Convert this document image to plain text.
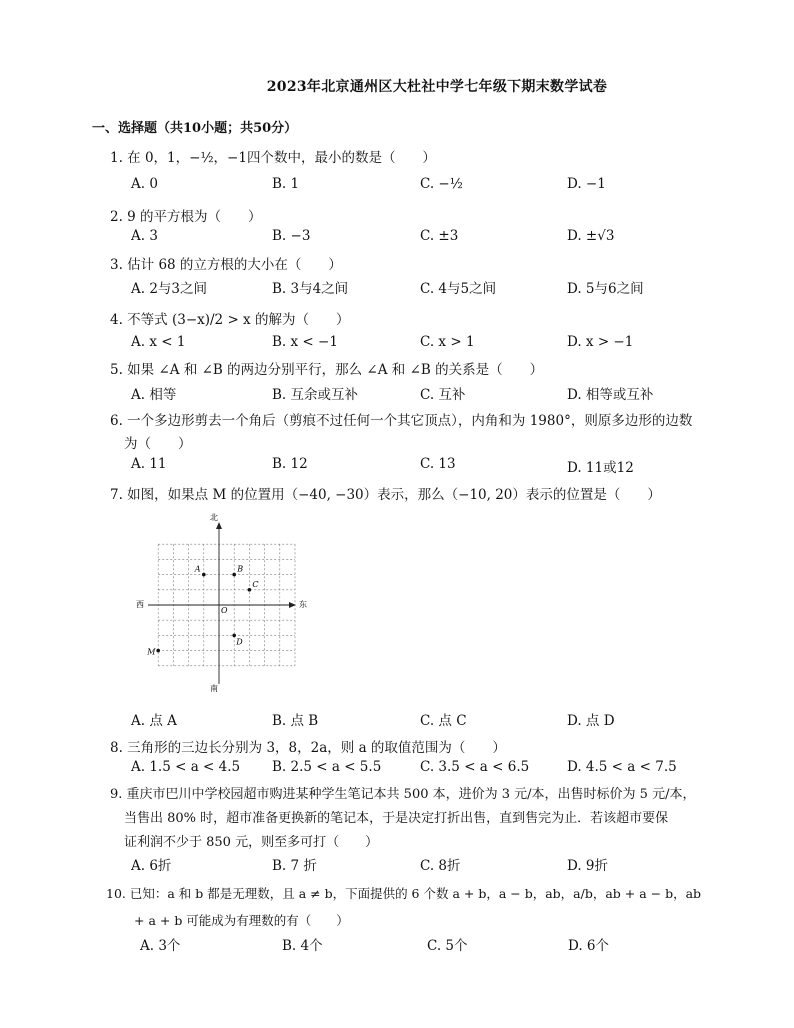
2023年北京通州区大杜社中学七年级下期末数学试卷
一、选择题（共10小题；共50分）
1. 在 0，1，−½，−1四个数中，最小的数是（　　）
A. 0	B. 1	C. −½	D. −1
2. 9 的平方根为（　　）
A. 3	B. −3	C. ±3	D. ±√3
3. 估计 68 的立方根的大小在（　　）
A. 2与3之间	B. 3与4之间	C. 4与5之间	D. 5与6之间
4. 不等式 (3−x)/2 > x 的解为（　　）
A. x < 1	B. x < −1	C. x > 1	D. x > −1
5. 如果 ∠A 和 ∠B 的两边分别平行，那么 ∠A 和 ∠B 的关系是（　　）
A. 相等	B. 互余或互补	C. 互补	D. 相等或互补
6. 一个多边形剪去一个角后（剪痕不过任何一个其它顶点），内角和为 1980°，则原多边形的边数
为（　　）
A. 11	B. 12	C. 13	D. 11或12
7. 如图，如果点 M 的位置用（−40, −30）表示，那么（−10, 20）表示的位置是（　　）
北
南
西	东
O
A	B
C
D
M
A. 点 A	B. 点 B	C. 点 C	D. 点 D
8. 三角形的三边长分别为 3，8，2a，则 a 的取值范围为（　　）
A. 1.5 < a < 4.5 B. 2.5 < a < 5.5	C. 3.5 < a < 6.5	D. 4.5 < a < 7.5
9. 重庆市巴川中学校园超市购进某种学生笔记本共 500 本，进价为 3 元/本，出售时标价为 5 元/本，
当售出 80% 时，超市准备更换新的笔记本，于是决定打折出售，直到售完为止．若该超市要保
证利润不少于 850 元，则至多可打（　　）
A. 6折	B. 7 折	C. 8折	D. 9折
10. 已知：a 和 b 都是无理数，且 a ≠ b，下面提供的 6 个数 a + b，a − b，ab，a/b，ab + a − b，ab
+ a + b 可能成为有理数的有（　　）
A. 3个	B. 4个	C. 5个	D. 6个
